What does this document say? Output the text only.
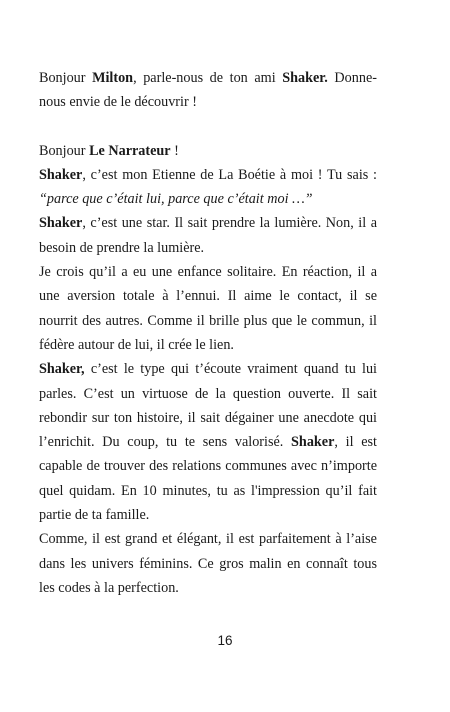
Bonjour Milton, parle-nous de ton ami Shaker. Donne-nous envie de le découvrir !

Bonjour Le Narrateur !

Shaker, c’est mon Etienne de La Boétie à moi ! Tu sais :

“parce que c’était lui, parce que c’était moi …”

Shaker, c’est une star. Il sait prendre la lumière. Non, il a besoin de prendre la lumière.

Je crois qu’il a eu une enfance solitaire. En réaction, il a une aversion totale à l’ennui. Il aime le contact, il se nourrit des autres. Comme il brille plus que le commun, il fédère autour de lui, il crée le lien.

Shaker, c’est le type qui t’écoute vraiment quand tu lui parles. C’est un virtuose de la question ouverte. Il sait rebondir sur ton histoire, il sait dégainer une anecdote qui l’enrichit. Du coup, tu te sens valorisé. Shaker, il est capable de trouver des relations communes avec n’importe quel quidam. En 10 minutes, tu as l'impression qu’il fait partie de ta famille.

Comme, il est grand et élégant, il est parfaitement à l’aise dans les univers féminins. Ce gros malin en connaît tous les codes à la perfection.

16
